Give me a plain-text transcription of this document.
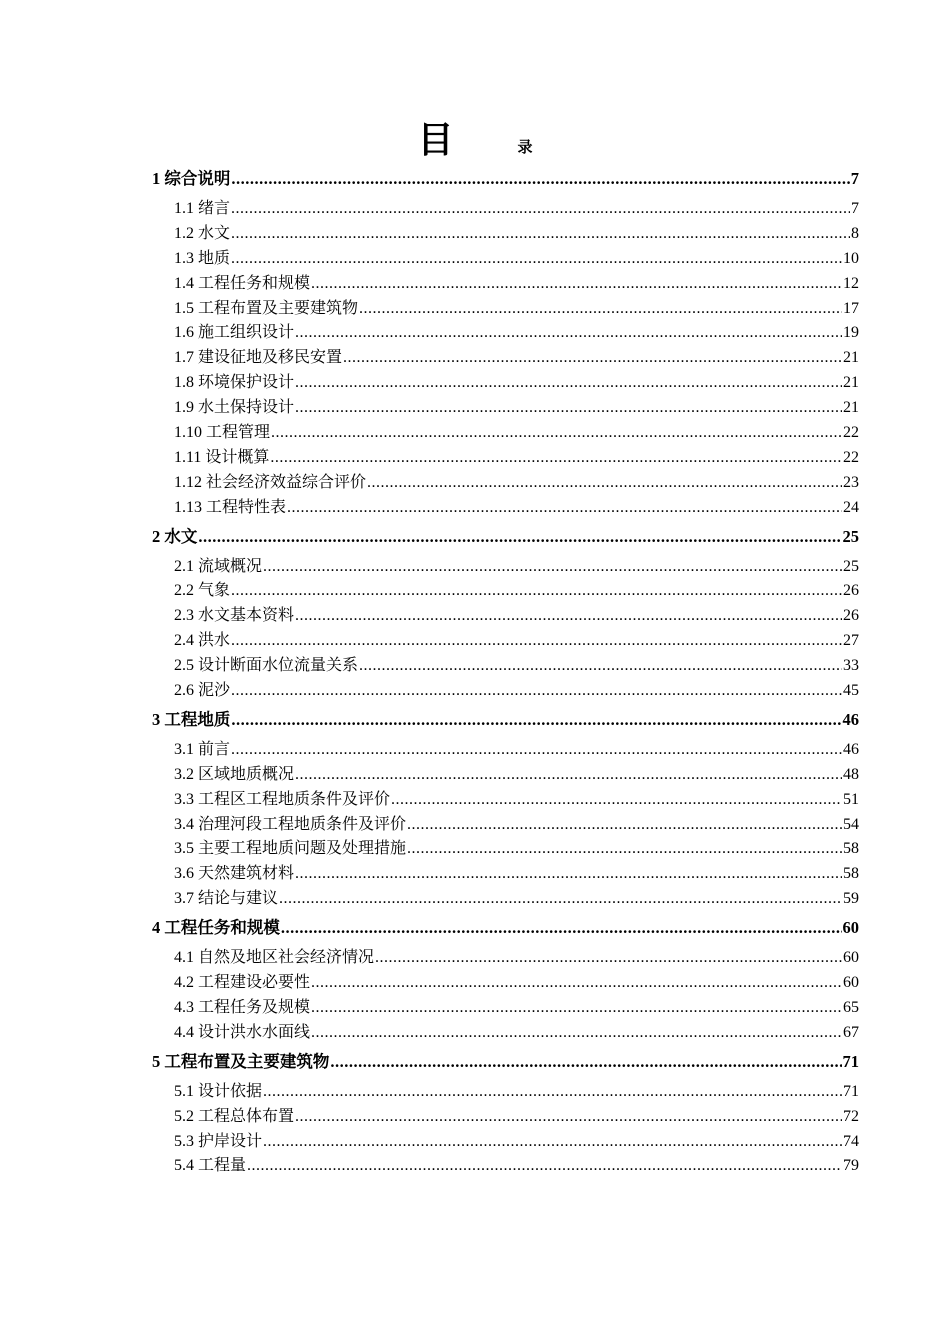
目	录
1 综合说明 .....	7
1.1 绪言 .....	7
1.2 水文 .....	8
1.3 地质 .....	10
1.4 工程任务和规模 .....	12
1.5 工程布置及主要建筑物 .....	17
1.6 施工组织设计 .....	19
1.7 建设征地及移民安置 .....	21
1.8 环境保护设计 .....	21
1.9 水土保持设计 .....	21
1.10 工程管理 .....	22
1.11 设计概算 .....	22
1.12 社会经济效益综合评价 .....	23
1.13 工程特性表 .....	24
2 水文 .....	25
2.1 流域概况 .....	25
2.2 气象 .....	26
2.3 水文基本资料 .....	26
2.4 洪水 .....	27
2.5 设计断面水位流量关系 .....	33
2.6 泥沙 .....	45
3 工程地质 .....	46
3.1 前言 .....	46
3.2 区域地质概况 .....	48
3.3 工程区工程地质条件及评价 .....	51
3.4 治理河段工程地质条件及评价 .....	54
3.5 主要工程地质问题及处理措施 .....	58
3.6 天然建筑材料 .....	58
3.7 结论与建议 .....	59
4 工程任务和规模 .....	60
4.1 自然及地区社会经济情况 .....	60
4.2 工程建设必要性 .....	60
4.3 工程任务及规模 .....	65
4.4 设计洪水水面线 .....	67
5 工程布置及主要建筑物 .....	71
5.1 设计依据 .....	71
5.2 工程总体布置 .....	72
5.3 护岸设计 .....	74
5.4 工程量 .....	79
